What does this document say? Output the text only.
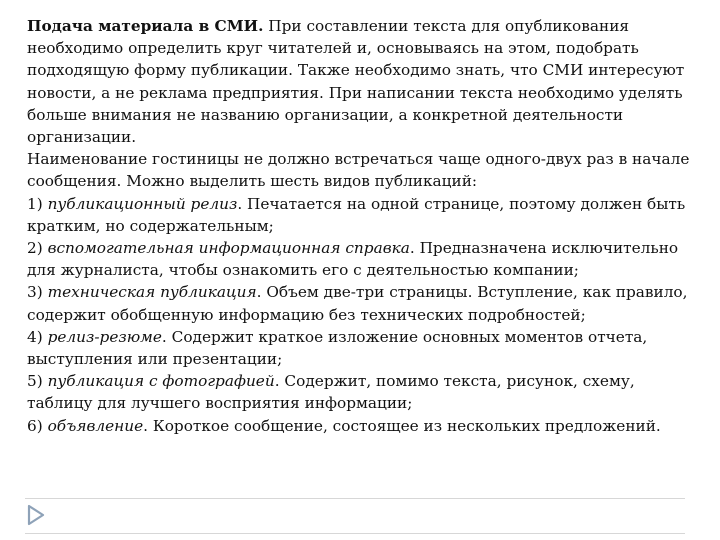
Подача материала в СМИ. При составлении текста для опубликования необходимо определить круг читателей и, основываясь на этом, подобрать подходящую форму публикации. Также необходимо знать, что СМИ интересуют новости, а не реклама предприятия. При написании текста необходимо уделять больше внимания не названию организации, а конкретной деятельности организации.

Наименование гостиницы не должно встречаться чаще одного-двух раз в начале сообщения. Можно выделить шесть видов публикаций:

1) публикационный релиз. Печатается на одной странице, поэтому должен быть кратким, но содержательным;

2) вспомогательная информационная справка. Предназначена исключительно для журналиста, чтобы ознакомить его с деятельностью компании;

3) техническая публикация. Объем две-три страницы. Вступление, как правило, содержит обобщенную информацию без технических подробностей;

4) релиз-резюме. Содержит краткое изложение основных моментов отчета, выступления или презентации;

5) публикация с фотографией. Содержит, помимо текста, рисунок, схему, таблицу для лучшего восприятия информации;

6) объявление. Короткое сообщение, состоящее из нескольких предложений.
